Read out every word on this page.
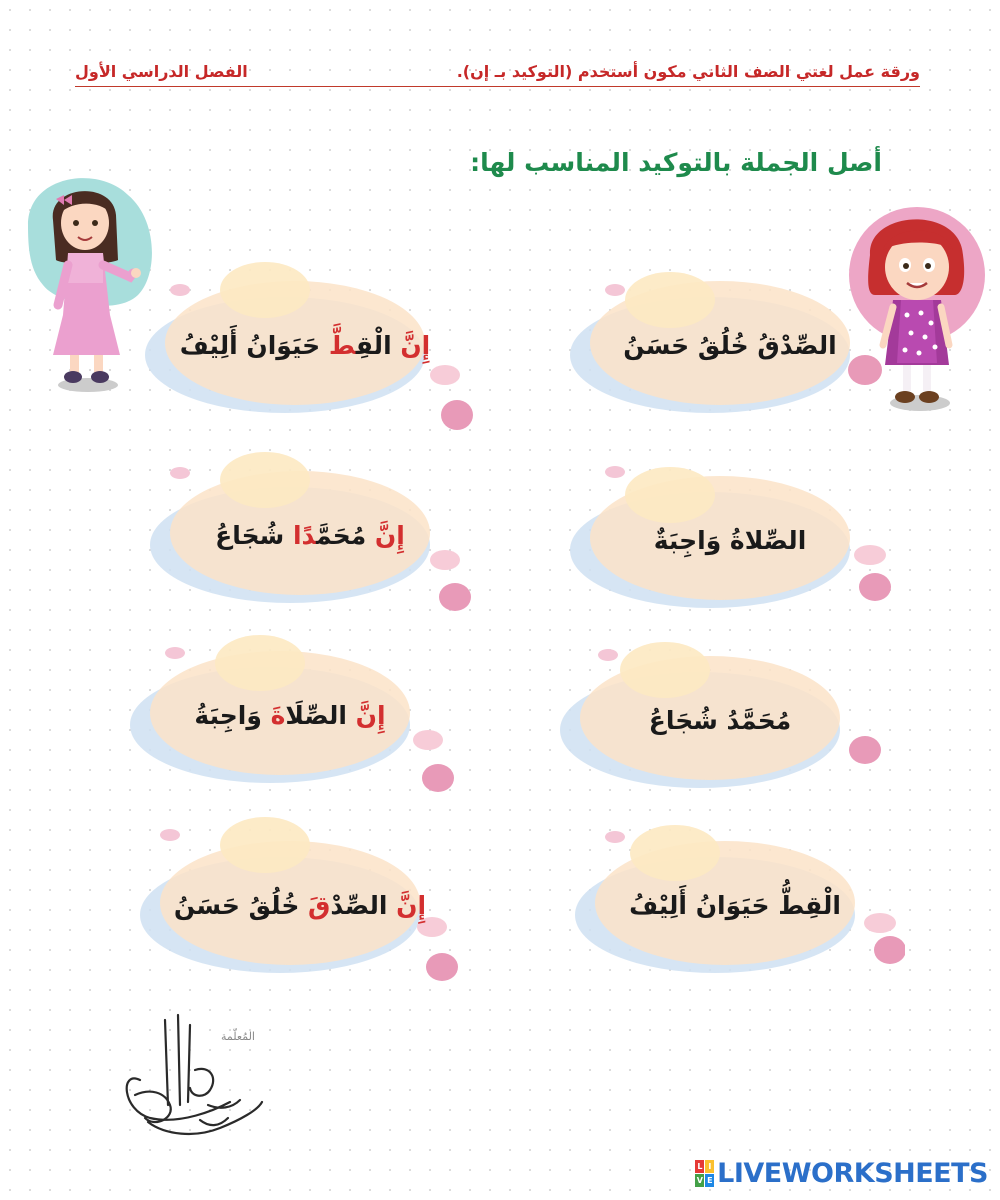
ورقة عمل لغتي الصف الثاني مكون أستخدم (التوكيد بـ إن).
الفصل الدراسي الأول
أصل الجملة بالتوكيد المناسب لها:
الصِّدْقُ خُلُقُ حَسَنُ
الصِّلاةُ وَاجِبَةٌ
مُحَمَّدُ شُجَاعُ
الْقِطُّ حَيَوَانُ أَلِيْفُ
إِنَّ الْقِطَّ حَيَوَانُ أَلِيْفُ
إِنَّ مُحَمَّدًا شُجَاعُ
إِنَّ الصِّلَاةَ وَاجِبَةُ
إِنَّ الصِّدْقَ خُلُقُ حَسَنُ
المُعلّمة
L I
V E LIVEWORKSHEETS
